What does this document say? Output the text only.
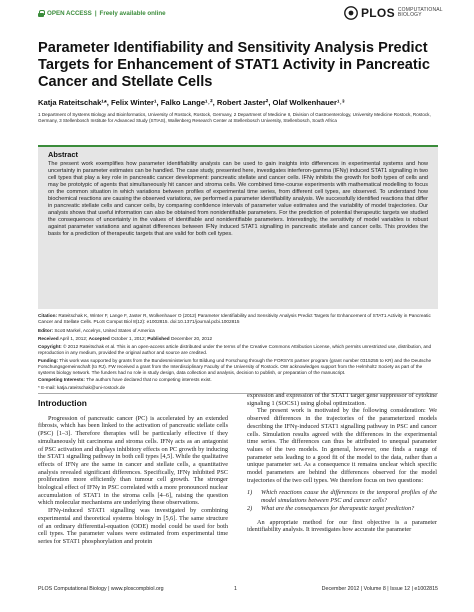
OPEN ACCESS | Freely available online	PLOS COMPUTATIONAL
BIOLOGY
Parameter Identifiability and Sensitivity Analysis Predict Targets for Enhancement of STAT1 Activity in Pancreatic Cancer and Stellate Cells
Katja Rateitschak¹*, Felix Winter¹, Falko Lange¹˒², Robert Jaster², Olaf Wolkenhauer¹˒³
1 Department of Systems Biology and Bioinformatics, University of Rostock, Rostock, Germany, 2 Department of Medicine II, Division of Gastroenterology, University Medicine Rostock, Rostock, Germany, 3 Stellenbosch Institute for Advanced Study (STIAS), Wallenberg Research Center at Stellenbosch University, Stellenbosch, South Africa
Abstract
The present work exemplifies how parameter identifiability analysis can be used to gain insights into differences in experimental systems and how uncertainty in parameter estimates can be handled. The case study, presented here, investigates interferon-gamma (IFNγ) induced STAT1 signalling in two cell types that play a key role in pancreatic cancer development: pancreatic stellate and cancer cells. IFNγ inhibits the growth for both types of cells and may be prototypic of agents that simultaneously hit cancer and stroma cells. We combined time-course experiments with mathematical modelling to focus on the common situation in which variations between profiles of experimental time series, from different cell types, are observed. To understand how biochemical reactions are causing the observed variations, we performed a parameter identifiability analysis. We successfully identified reactions that differ in pancreatic stellate cells and cancer cells, by comparing confidence intervals of parameter value estimates and the variability of model trajectories. Our analysis shows that useful information can also be obtained from nonidentifiable parameters. For the prediction of potential therapeutic targets we studied the consequences of uncertainty in the values of identifiable and nonidentifiable parameters. Interestingly, the sensitivity of model variables is robust against parameter variations and against differences between IFNγ induced STAT1 signalling in pancreatic stellate and cancer cells. This provides the basis for a prediction of therapeutic targets that are valid for both cell types.
Citation: Rateitschak K, Winter F, Lange F, Jaster R, Wolkenhauer O (2012) Parameter Identifiability and Sensitivity Analysis Predict Targets for Enhancement of STAT1 Activity in Pancreatic Cancer and Stellate Cells. PLoS Comput Biol 8(12): e1002815. doi:10.1371/journal.pcbi.1002815
Editor: Scott Markel, Accelrys, United States of America
Received April 1, 2012; Accepted October 1, 2012; Published December 20, 2012
Copyright: © 2012 Rateitschak et al. This is an open-access article distributed under the terms of the Creative Commons Attribution License, which permits unrestricted use, distribution, and reproduction in any medium, provided the original author and source are credited.
Funding: This work was supported by grants from the Bundesministerium für Bildung und Forschung through the FORSYS partner program (grant number 0315255 to KR) and the Deutsche Forschungsgemeinschaft (to RJ). FW received a grant from the Interdisciplinary Faculty of the University of Rostock. OW acknowledges support from the Helmholtz Society as part of the systems biology network. The funders had no role in study design, data collection and analysis, decision to publish, or preparation of the manuscript.
Competing Interests: The authors have declared that no competing interests exist.
* E-mail: katja.rateitschak@uni-rostock.de
Introduction

Progression of pancreatic cancer (PC) is accelerated by an extended fibrosis, which has been linked to the activation of pancreatic stellate cells (PSC) [1–3]. Therefore therapies will be particularly effective if they simultaneously hit carcinoma and stroma cells. IFNγ acts as an antagonist of PSC activation and displays inhibitory effects on PC growth by inducing the STAT1 signalling pathway in both cell types [4,5]. While the qualitative effects of IFNγ are the same in cancer and stellate cells, a quantitative analysis revealed significant differences. Specifically, IFNγ inhibited PSC proliferation more efficiently than tumour cell growth. The stronger biological effect of IFNγ in PSC correlated with a more pronounced nuclear accumulation of STAT1 in the stroma cells [4–6], raising the question which molecular mechanisms are underlying these observations.

IFNγ-induced STAT1 signalling was investigated by combining experimental and theoretical systems biology in [5,6]. The same structure of an ordinary differential-equation (ODE) model could be used for both cell types. The parameter values were estimated from experimental time series for STAT1 phosphorylation and protein

expression and expression of the STAT1 target gene suppressor of cytokine signaling 1 (SOCS1) using global optimization.

The present work is motivated by the following consideration: We observed differences in the trajectories of the parameterized models describing the IFNγ-induced STAT1 signalling pathway in PSC and cancer cells. Simulation results agreed with the differences in the experimental time series. The differences can thus be attributed to unequal parameter values of the two models. In general, however, one finds a range of parameter sets leading to a good fit of the model to the data, rather than a unique parameter set. As a consequence it remains unclear which specific model parameters are behind the differences observed for the model trajectories of the two cell types. We therefore focus on two questions:

1)	Which reactions cause the differences in the temporal profiles of the model simulations between PSC and cancer cells?
2)	What are the consequences for therapeutic target prediction?

An appropriate method for our first objective is a parameter identifiability analysis. It investigates how accurate the parameter

PLOS Computational Biology | www.ploscompbiol.org	1	December 2012 | Volume 8 | Issue 12 | e1002815
